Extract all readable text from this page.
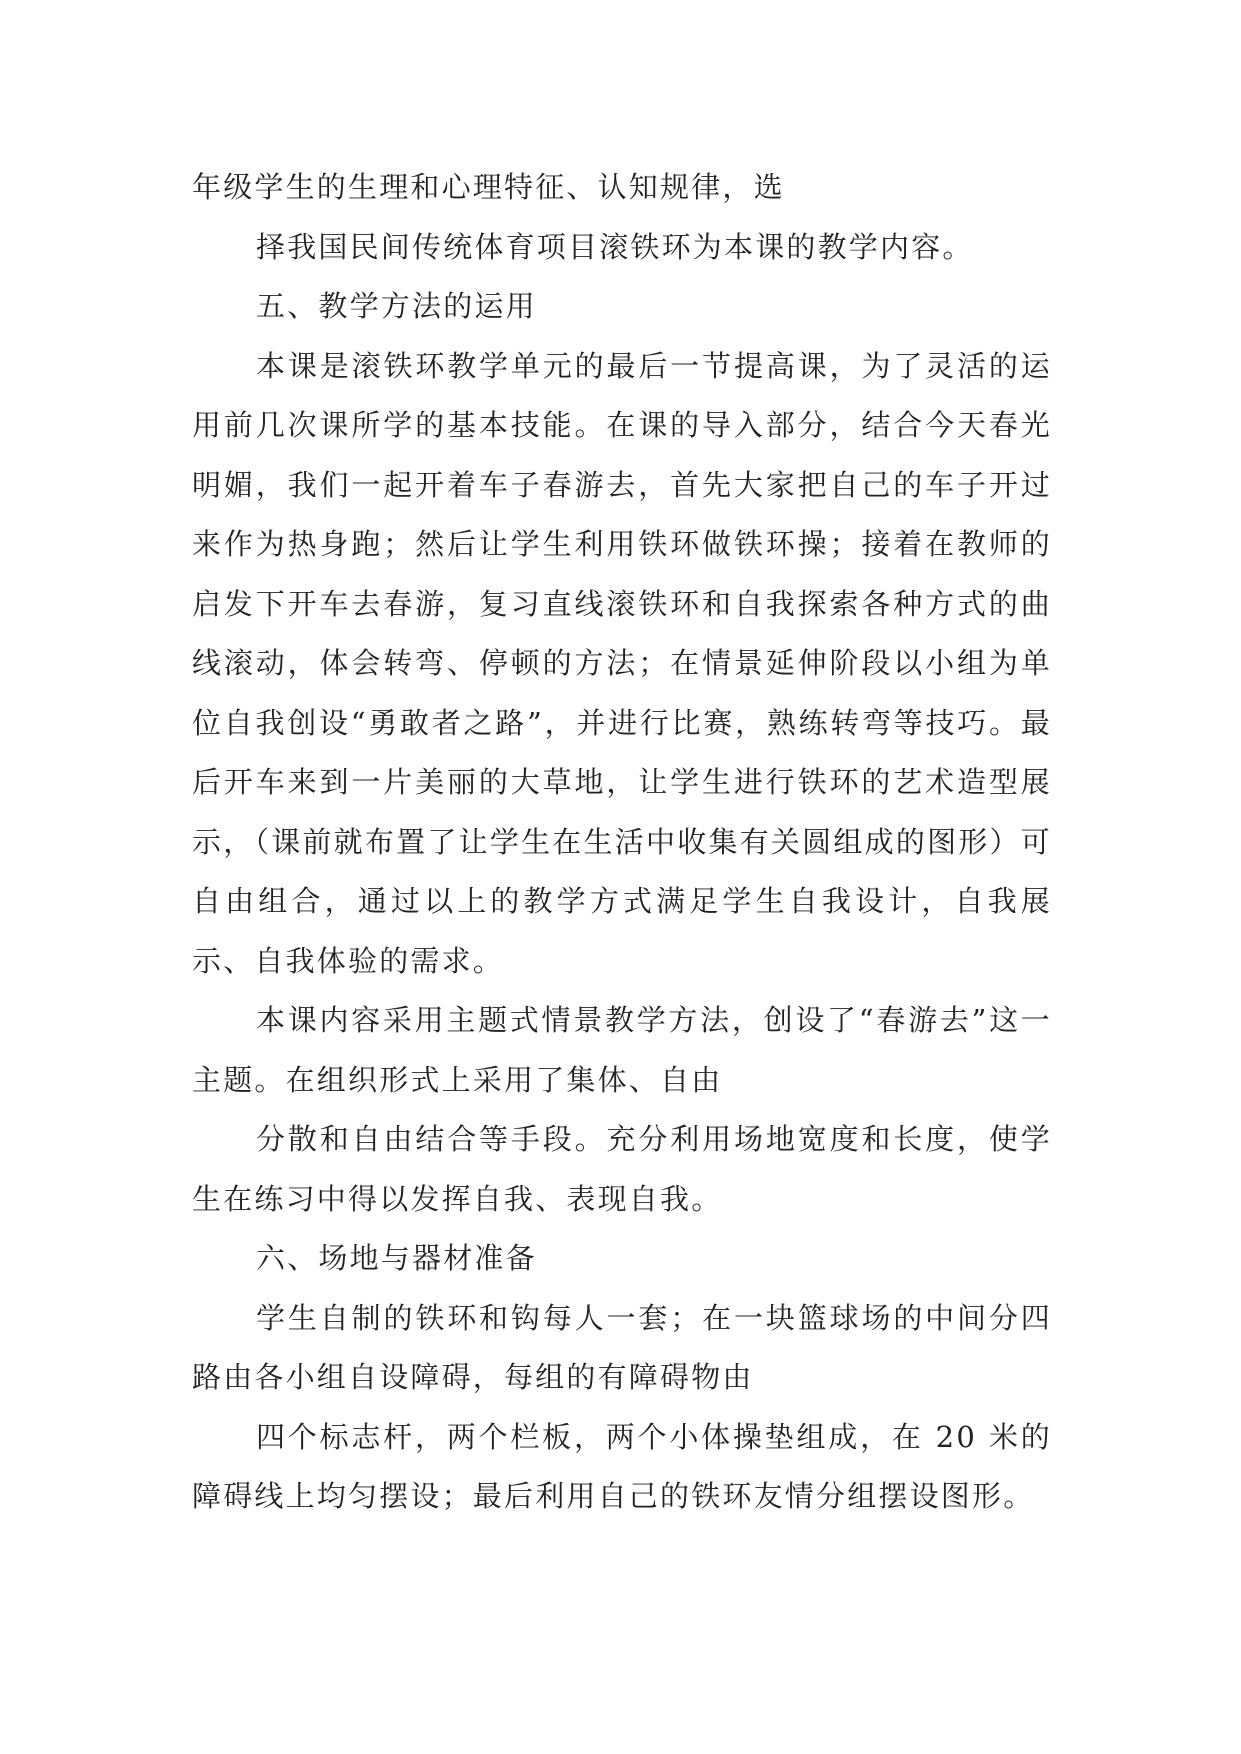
年级学生的生理和心理特征、认知规律，选

择我国民间传统体育项目滚铁环为本课的教学内容。

五、教学方法的运用

本课是滚铁环教学单元的最后一节提高课，为了灵活的运用前几次课所学的基本技能。在课的导入部分，结合今天春光明媚，我们一起开着车子春游去，首先大家把自己的车子开过来作为热身跑；然后让学生利用铁环做铁环操；接着在教师的启发下开车去春游，复习直线滚铁环和自我探索各种方式的曲线滚动，体会转弯、停顿的方法；在情景延伸阶段以小组为单位自我创设“勇敢者之路”，并进行比赛，熟练转弯等技巧。最后开车来到一片美丽的大草地，让学生进行铁环的艺术造型展示，（课前就布置了让学生在生活中收集有关圆组成的图形）可自由组合，通过以上的教学方式满足学生自我设计，自我展示、自我体验的需求。

本课内容采用主题式情景教学方法，创设了“春游去”这一主题。在组织形式上采用了集体、自由

分散和自由结合等手段。充分利用场地宽度和长度，使学生在练习中得以发挥自我、表现自我。

六、场地与器材准备

学生自制的铁环和钩每人一套；在一块篮球场的中间分四路由各小组自设障碍，每组的有障碍物由

四个标志杆，两个栏板，两个小体操垫组成，在 20 米的障碍线上均匀摆设；最后利用自己的铁环友情分组摆设图形。
